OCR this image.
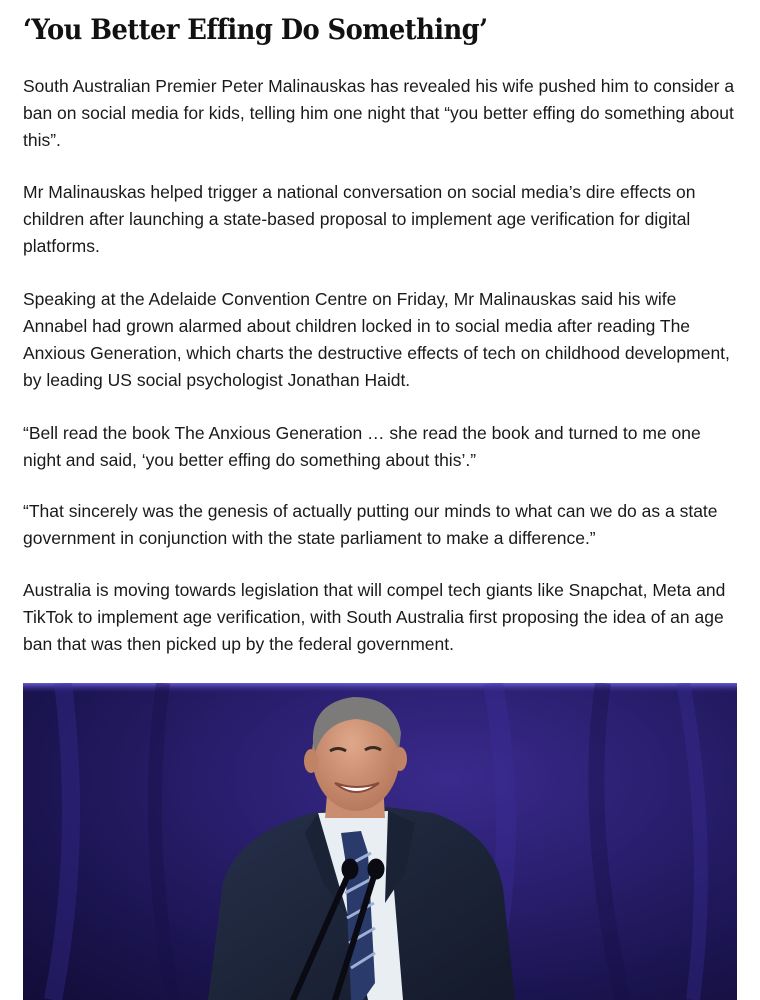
‘You Better Effing Do Something’

South Australian Premier Peter Malinauskas has revealed his wife pushed him to consider a ban on social media for kids, telling him one night that “you better effing do something about this”.

Mr Malinauskas helped trigger a national conversation on social media’s dire effects on children after launching a state-based proposal to implement age verification for digital platforms.

Speaking at the Adelaide Convention Centre on Friday, Mr Malinauskas said his wife Annabel had grown alarmed about children locked in to social media after reading The Anxious Generation, which charts the destructive effects of tech on childhood development, by leading US social psychologist Jonathan Haidt.

“Bell read the book The Anxious Generation … she read the book and turned to me one night and said, ‘you better effing do something about this’.”

“That sincerely was the genesis of actually putting our minds to what can we do as a state government in conjunction with the state parliament to make a difference.”

Australia is moving towards legislation that will compel tech giants like Snapchat, Meta and TikTok to implement age verification, with South Australia first proposing the idea of an age ban that was then picked up by the federal government.
